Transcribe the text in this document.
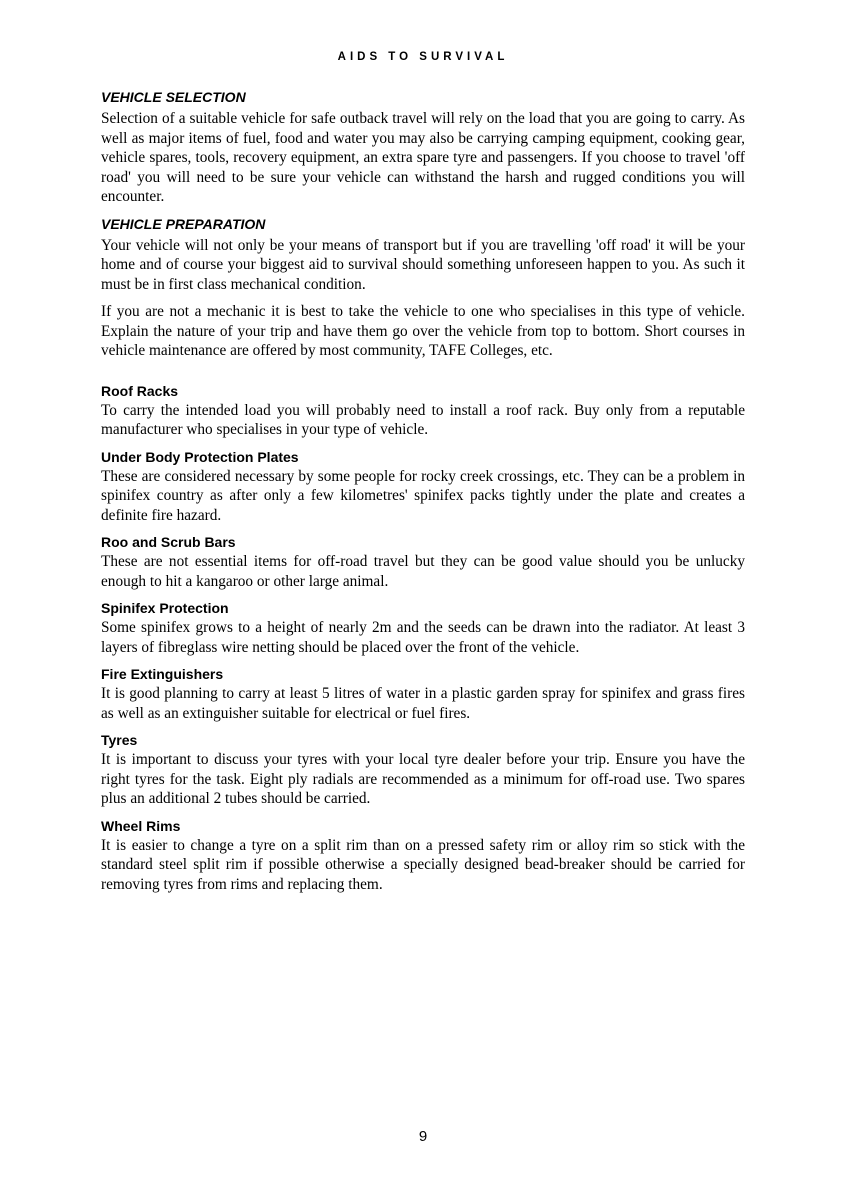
AIDS TO SURVIVAL
VEHICLE SELECTION

Selection of a suitable vehicle for safe outback travel will rely on the load that you are going to carry. As well as major items of fuel, food and water you may also be carrying camping equipment, cooking gear, vehicle spares, tools, recovery equipment, an extra spare tyre and passengers. If you choose to travel 'off road' you will need to be sure your vehicle can withstand the harsh and rugged conditions you will encounter.

VEHICLE PREPARATION

Your vehicle will not only be your means of transport but if you are travelling 'off road' it will be your home and of course your biggest aid to survival should something unforeseen happen to you. As such it must be in first class mechanical condition.

If you are not a mechanic it is best to take the vehicle to one who specialises in this type of vehicle. Explain the nature of your trip and have them go over the vehicle from top to bottom. Short courses in vehicle maintenance are offered by most community, TAFE Colleges, etc.

Roof Racks

To carry the intended load you will probably need to install a roof rack. Buy only from a reputable manufacturer who specialises in your type of vehicle.

Under Body Protection Plates

These are considered necessary by some people for rocky creek crossings, etc. They can be a problem in spinifex country as after only a few kilometres' spinifex packs tightly under the plate and creates a definite fire hazard.

Roo and Scrub Bars

These are not essential items for off-road travel but they can be good value should you be unlucky enough to hit a kangaroo or other large animal.

Spinifex Protection

Some spinifex grows to a height of nearly 2m and the seeds can be drawn into the radiator. At least 3 layers of fibreglass wire netting should be placed over the front of the vehicle.

Fire Extinguishers

It is good planning to carry at least 5 litres of water in a plastic garden spray for spinifex and grass fires as well as an extinguisher suitable for electrical or fuel fires.

Tyres

It is important to discuss your tyres with your local tyre dealer before your trip. Ensure you have the right tyres for the task. Eight ply radials are recommended as a minimum for off-road use. Two spares plus an additional 2 tubes should be carried.

Wheel Rims

It is easier to change a tyre on a split rim than on a pressed safety rim or alloy rim so stick with the standard steel split rim if possible otherwise a specially designed bead-breaker should be carried for removing tyres from rims and replacing them.

9
